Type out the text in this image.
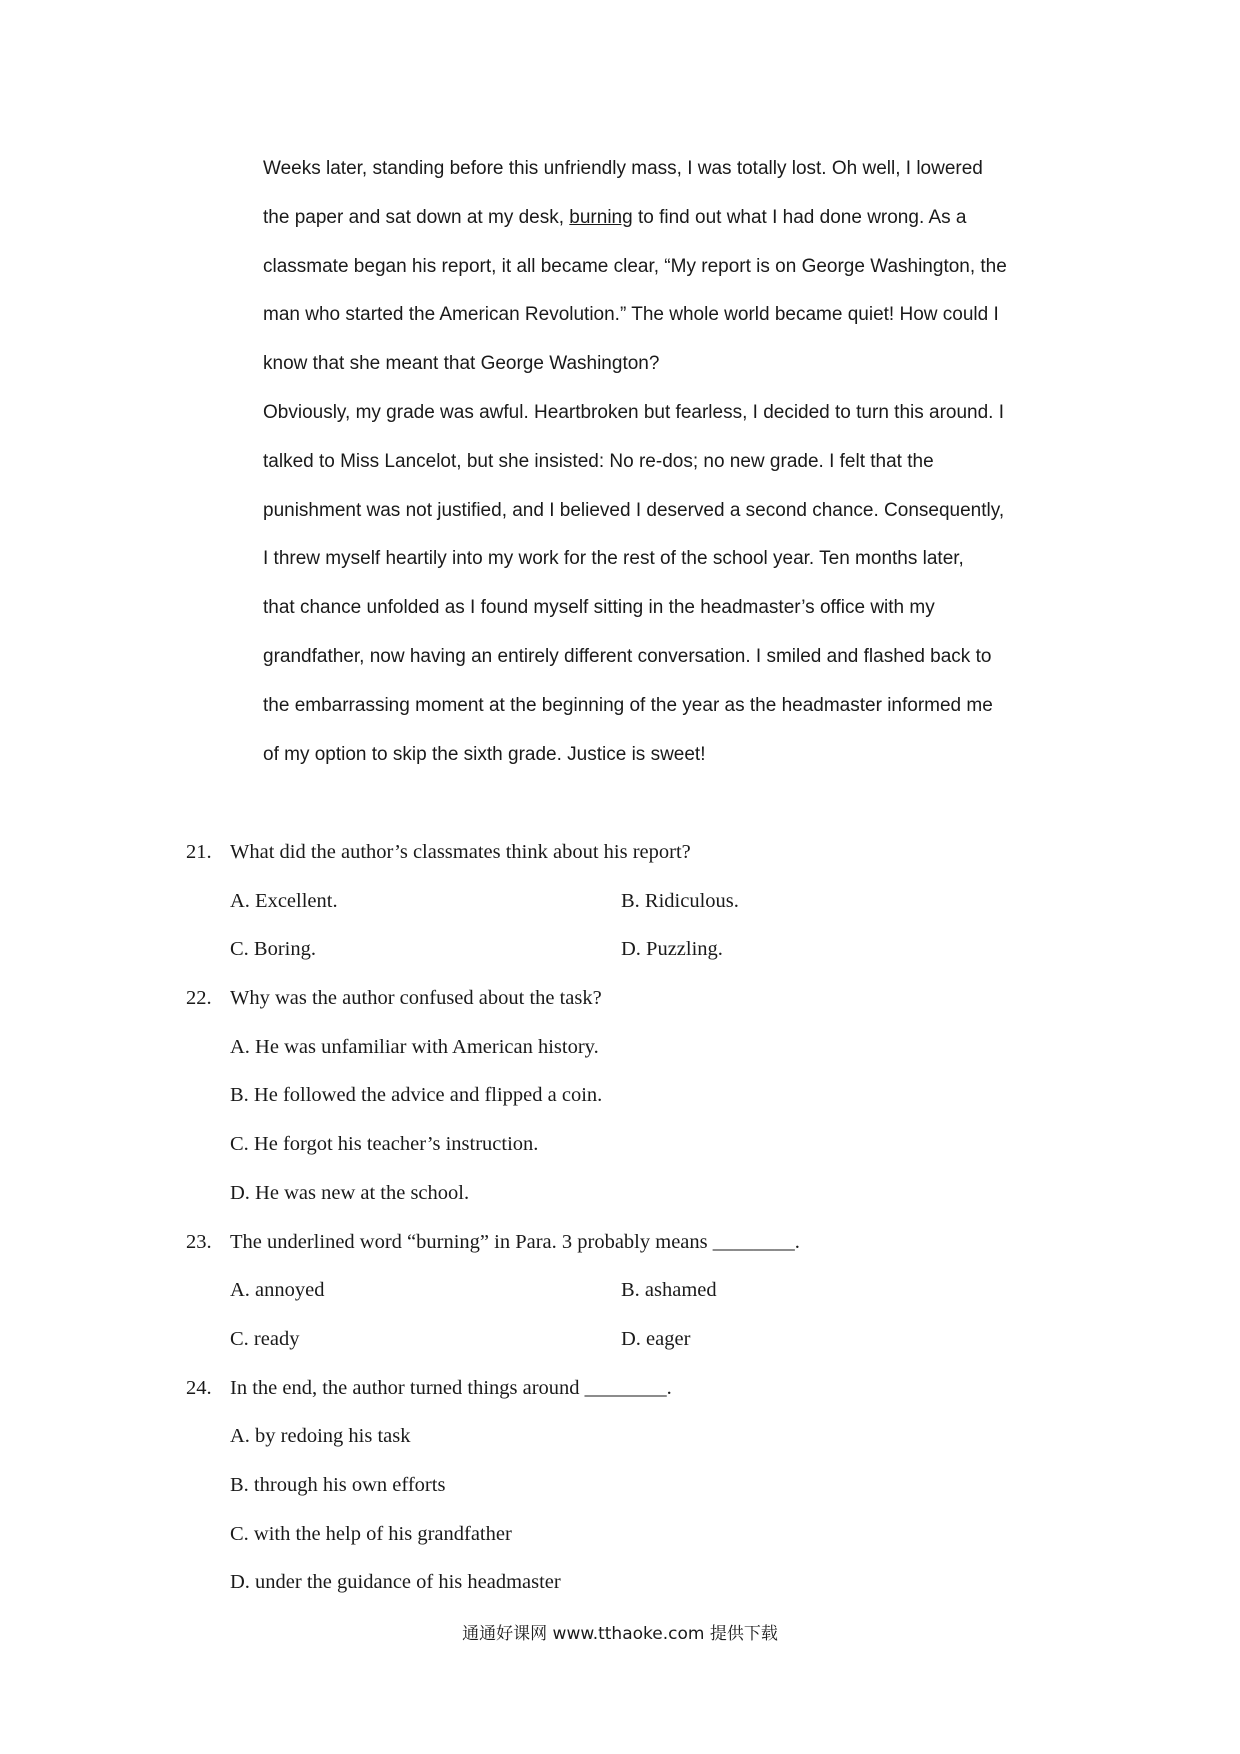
Weeks later, standing before this unfriendly mass, I was totally lost. Oh well, I lowered
the paper and sat down at my desk, burning to find out what I had done wrong. As a
classmate began his report, it all became clear, “My report is on George Washington, the
man who started the American Revolution.” The whole world became quiet! How could I
know that she meant that George Washington?
Obviously, my grade was awful. Heartbroken but fearless, I decided to turn this around. I
talked to Miss Lancelot, but she insisted: No re-dos; no new grade. I felt that the
punishment was not justified, and I believed I deserved a second chance. Consequently,
I threw myself heartily into my work for the rest of the school year. Ten months later,
that chance unfolded as I found myself sitting in the headmaster’s office with my
grandfather, now having an entirely different conversation. I smiled and flashed back to
the embarrassing moment at the beginning of the year as the headmaster informed me
of my option to skip the sixth grade. Justice is sweet!
21. What did the author’s classmates think about his report?
A. Excellent.	B. Ridiculous.
C. Boring.	D. Puzzling.
22. Why was the author confused about the task?
A. He was unfamiliar with American history.
B. He followed the advice and flipped a coin.
C. He forgot his teacher’s instruction.
D. He was new at the school.
23. The underlined word “burning” in Para. 3 probably means ________.
A. annoyed	B. ashamed
C. ready	D. eager
24. In the end, the author turned things around ________.
A. by redoing his task
B. through his own efforts
C. with the help of his grandfather
D. under the guidance of his headmaster
通通好课网 www.tthaoke.com 提供下载
